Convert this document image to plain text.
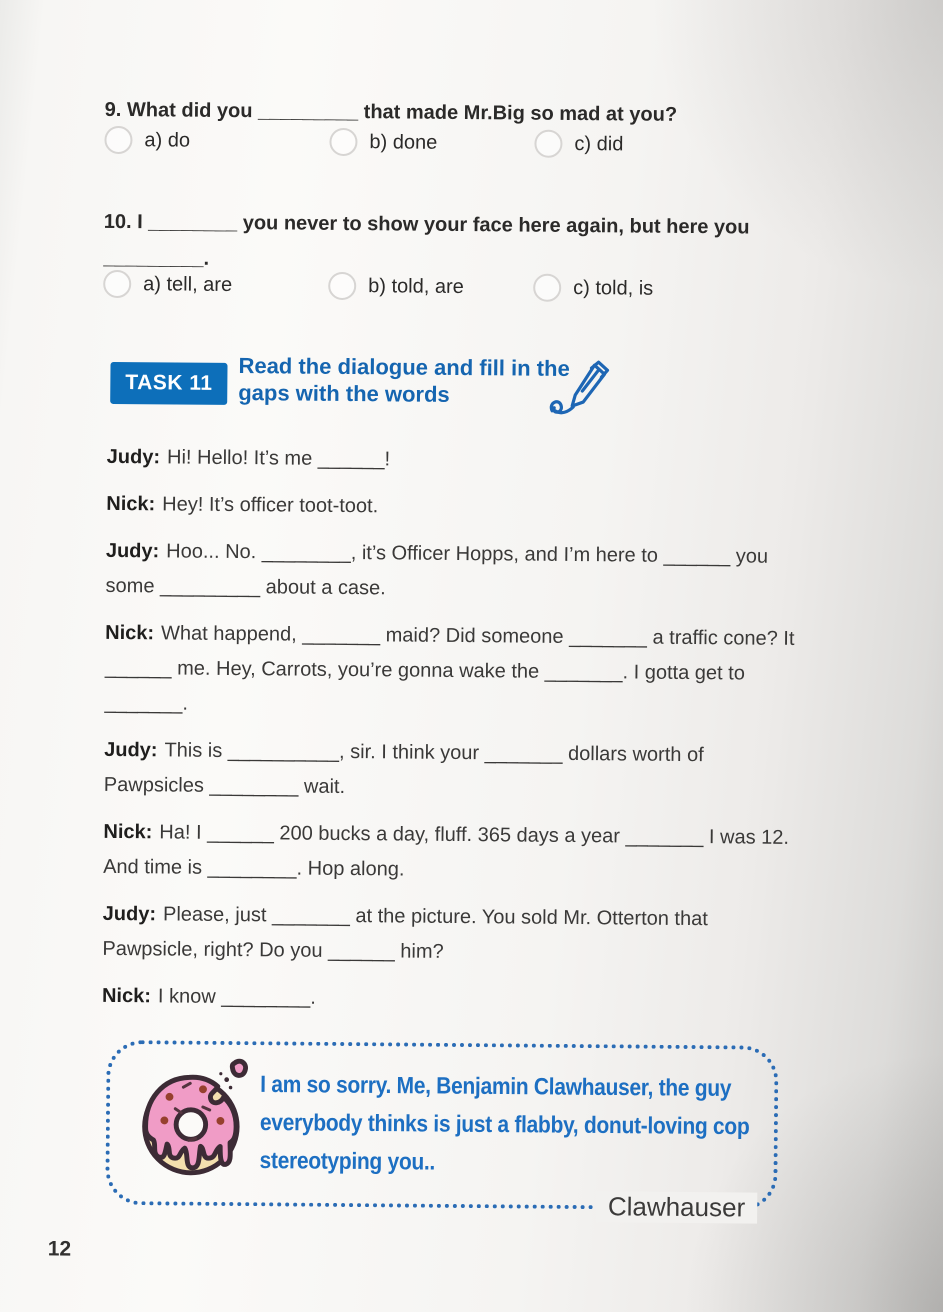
9. What did you _________ that made Mr.Big so mad at you?

a) do	b) done	c) did

10. I ________ you never to show your face here again, but here you _________.

a) tell, are	b) told, are	c) told, is
TASK 11
Read the dialogue and fill in the gaps with the words

Judy: Hi! Hello! It’s me ______!

Nick: Hey! It’s officer toot-toot.

Judy: Hoo... No. ________, it’s Officer Hopps, and I’m here to ______ you some _________ about a case.

Nick: What happend, _______ maid? Did someone _______ a traffic cone? It ______ me. Hey, Carrots, you’re gonna wake the _______. I gotta get to _______.

Judy: This is __________, sir. I think your _______ dollars worth of Pawpsicles ________ wait.

Nick: Ha! I ______ 200 bucks a day, fluff. 365 days a year _______ I was 12. And time is ________. Hop along.

Judy: Please, just _______ at the picture. You sold Mr. Otterton that Pawpsicle, right? Do you ______ him?

Nick: I know ________.

I am so sorry. Me, Benjamin Clawhauser, the guy everybody thinks is just a flabby, donut-loving cop stereotyping you..
Clawhauser
12
